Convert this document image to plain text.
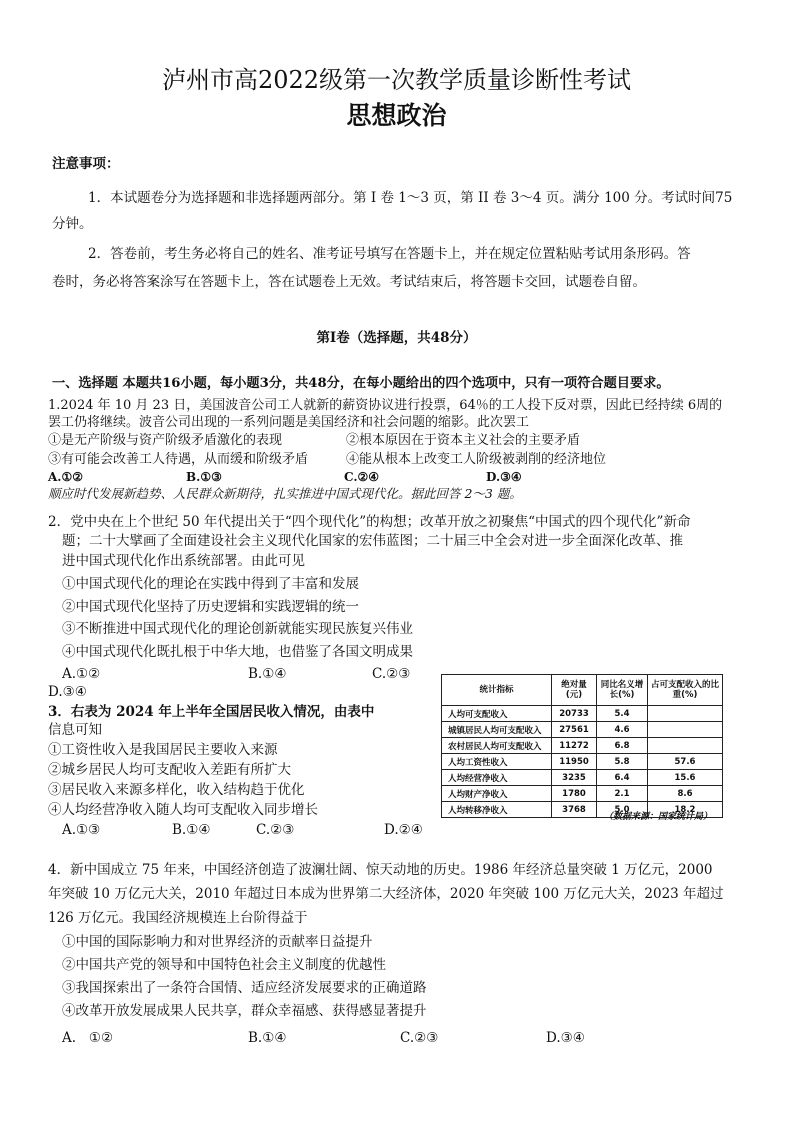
泸州市高2022级第一次教学质量诊断性考试
思想政治
注意事项：
1．本试题卷分为选择题和非选择题两部分。第 I 卷 1～3 页，第 II 卷 3～4 页。满分 100 分。考试时间75
分钟。
2．答卷前，考生务必将自己的姓名、准考证号填写在答题卡上，并在规定位置粘贴考试用条形码。答
卷时，务必将答案涂写在答题卡上，答在试题卷上无效。考试结束后，将答题卡交回，试题卷自留。
第I卷（选择题，共48分）
一、选择题 本题共16小题，每小题3分，共48分，在每小题给出的四个选项中，只有一项符合题目要求。
1.2024 年 10 月 23 日，美国波音公司工人就新的薪资协议进行投票，64％的工人投下反对票，因此已经持续 6周的
罢工仍将继续。波音公司出现的一系列问题是美国经济和社会问题的缩影。此次罢工
①是无产阶级与资产阶级矛盾激化的表现	②根本原因在于资本主义社会的主要矛盾
③有可能会改善工人待遇，从而缓和阶级矛盾	④能从根本上改变工人阶级被剥削的经济地位
A.①②	B.①③	C.②④	D.③④
顺应时代发展新趋势、人民群众新期待，扎实推进中国式现代化。据此回答 2～3 题。
2．党中央在上个世纪 50 年代提出关于“四个现代化”的构想；改革开放之初聚焦“中国式的四个现代化”新命
题；二十大擘画了全面建设社会主义现代化国家的宏伟蓝图；二十届三中全会对进一步全面深化改革、推
进中国式现代化作出系统部署。由此可见
①中国式现代化的理论在实践中得到了丰富和发展
②中国式现代化坚持了历史逻辑和实践逻辑的统一
③不断推进中国式现代化的理论创新就能实现民族复兴伟业
④中国式现代化既扎根于中华大地，也借鉴了各国文明成果
A.①②	B.①④	C.②③
D.③④
3．右表为 2024 年上半年全国居民收入情况，由表中
信息可知
①工资性收入是我国居民主要收入来源
②城乡居民人均可支配收入差距有所扩大
③居民收入来源多样化，收入结构趋于优化
④人均经营净收入随人均可支配收入同步增长
A.①③	B.①④	C.②③	D.②④
统计指标	绝对量(元)	同比名义增长(%)	占可支配收入的比重(%)
人均可支配收入	20733	5.4	
城镇居民人均可支配收入	27561	4.6	
农村居民人均可支配收入	11272	6.8	
人均工资性收入	11950	5.8	57.6
人均经营净收入	3235	6.4	15.6
人均财产净收入	1780	2.1	8.6
人均转移净收入	3768	5.0	18.2
（数据来源：国家统计局）
4．新中国成立 75 年来，中国经济创造了波澜壮阔、惊天动地的历史。1986 年经济总量突破 1 万亿元，2000
年突破 10 万亿元大关，2010 年超过日本成为世界第二大经济体，2020 年突破 100 万亿元大关，2023 年超过
126 万亿元。我国经济规模连上台阶得益于
①中国的国际影响力和对世界经济的贡献率日益提升
②中国共产党的领导和中国特色社会主义制度的优越性
③我国探索出了一条符合国情、适应经济发展要求的正确道路
④改革开放发展成果人民共享，群众幸福感、获得感显著提升
A.   ①②	B.①④	C.②③	D.③④
